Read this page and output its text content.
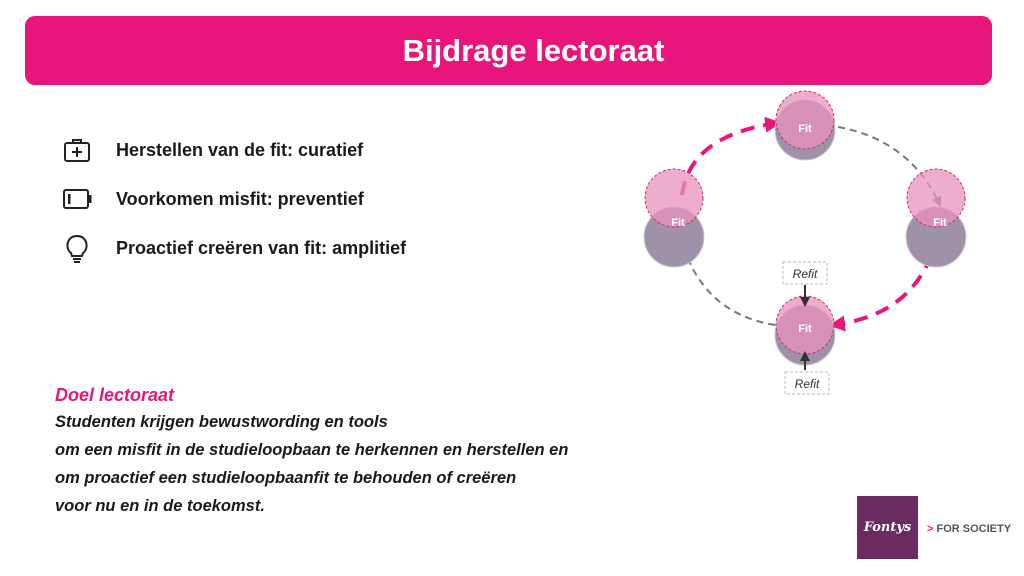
Bijdrage lectoraat
Herstellen van de fit: curatief
Voorkomen misfit: preventief
Proactief creëren van fit: amplitief
Doel lectoraat
Studenten krijgen bewustwording en tools
om een misfit in de studieloopbaan te herkennen en herstellen en
om proactief een studieloopbaanfit te behouden of creëren
voor nu en in de toekomst.
Fit
Fit	Fit
Fit
Refit
Refit
Fontys > FOR SOCIETY
